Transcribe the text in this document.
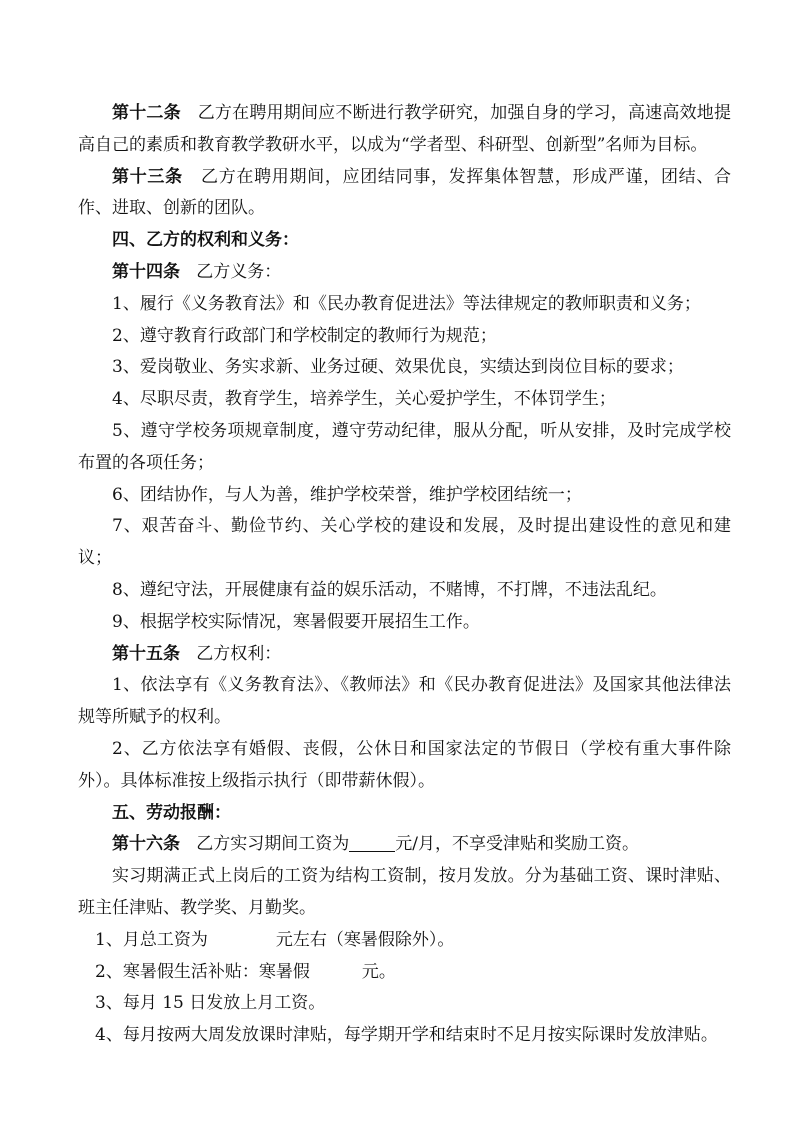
第十二条 乙方在聘用期间应不断进行教学研究，加强自身的学习，高速高效地提高自己的素质和教育教学教研水平，以成为“学者型、科研型、创新型”名师为目标。

第十三条 乙方在聘用期间，应团结同事，发挥集体智慧，形成严谨，团结、合作、进取、创新的团队。

四、乙方的权利和义务：

第十四条 乙方义务：

1、履行《义务教育法》和《民办教育促进法》等法律规定的教师职责和义务；

2、遵守教育行政部门和学校制定的教师行为规范；

3、爱岗敬业、务实求新、业务过硬、效果优良，实绩达到岗位目标的要求；

4、尽职尽责，教育学生，培养学生，关心爱护学生，不体罚学生；

5、遵守学校务项规章制度，遵守劳动纪律，服从分配，听从安排，及时完成学校布置的各项任务；

6、团结协作，与人为善，维护学校荣誉，维护学校团结统一；

7、艰苦奋斗、勤俭节约、关心学校的建设和发展，及时提出建设性的意见和建议；

8、遵纪守法，开展健康有益的娱乐活动，不赌博，不打牌，不违法乱纪。

9、根据学校实际情况，寒暑假要开展招生工作。

第十五条 乙方权利：

1、依法享有《义务教育法》、《教师法》和《民办教育促进法》及国家其他法律法规等所赋予的权利。

2、乙方依法享有婚假、丧假，公休日和国家法定的节假日（学校有重大事件除外）。具体标准按上级指示执行（即带薪休假）。

五、劳动报酬：

第十六条 乙方实习期间工资为	元/月，不享受津贴和奖励工资。

实习期满正式上岗后的工资为结构工资制，按月发放。分为基础工资、课时津贴、班主任津贴、教学奖、月勤奖。

1、月总工资为	元左右（寒暑假除外）。

2、寒暑假生活补贴：寒暑假	元。

3、每月 15 日发放上月工资。

4、每月按两大周发放课时津贴，每学期开学和结束时不足月按实际课时发放津贴。
